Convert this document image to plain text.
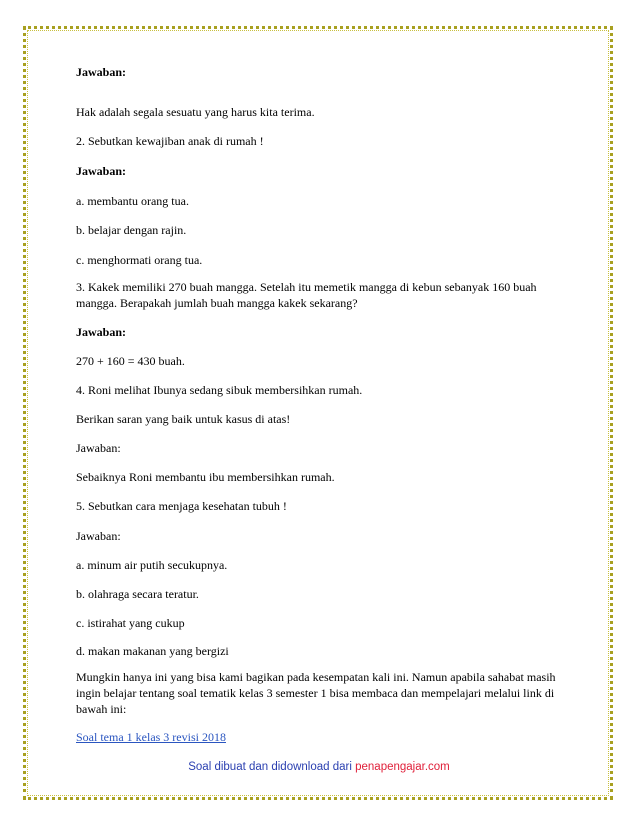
Jawaban:
Hak adalah segala sesuatu yang harus kita terima.
2. Sebutkan kewajiban anak di rumah !
Jawaban:
a. membantu orang tua.
b. belajar dengan rajin.
c. menghormati orang tua.
3. Kakek memiliki 270 buah mangga. Setelah itu memetik mangga di kebun sebanyak 160 buah
mangga. Berapakah jumlah buah mangga kakek sekarang?
Jawaban:
270 + 160 = 430 buah.
4. Roni melihat Ibunya sedang sibuk membersihkan rumah.
Berikan saran yang baik untuk kasus di atas!
Jawaban:
Sebaiknya Roni membantu ibu membersihkan rumah.
5. Sebutkan cara menjaga kesehatan tubuh !
Jawaban:
a. minum air putih secukupnya.
b. olahraga secara teratur.
c. istirahat yang cukup
d. makan makanan yang bergizi
Mungkin hanya ini yang bisa kami bagikan pada kesempatan kali ini. Namun apabila sahabat masih
ingin belajar tentang soal tematik kelas 3 semester 1 bisa membaca dan mempelajari melalui link di
bawah ini:
Soal tema 1 kelas 3 revisi 2018
Soal dibuat dan didownload dari penapengajar.com
